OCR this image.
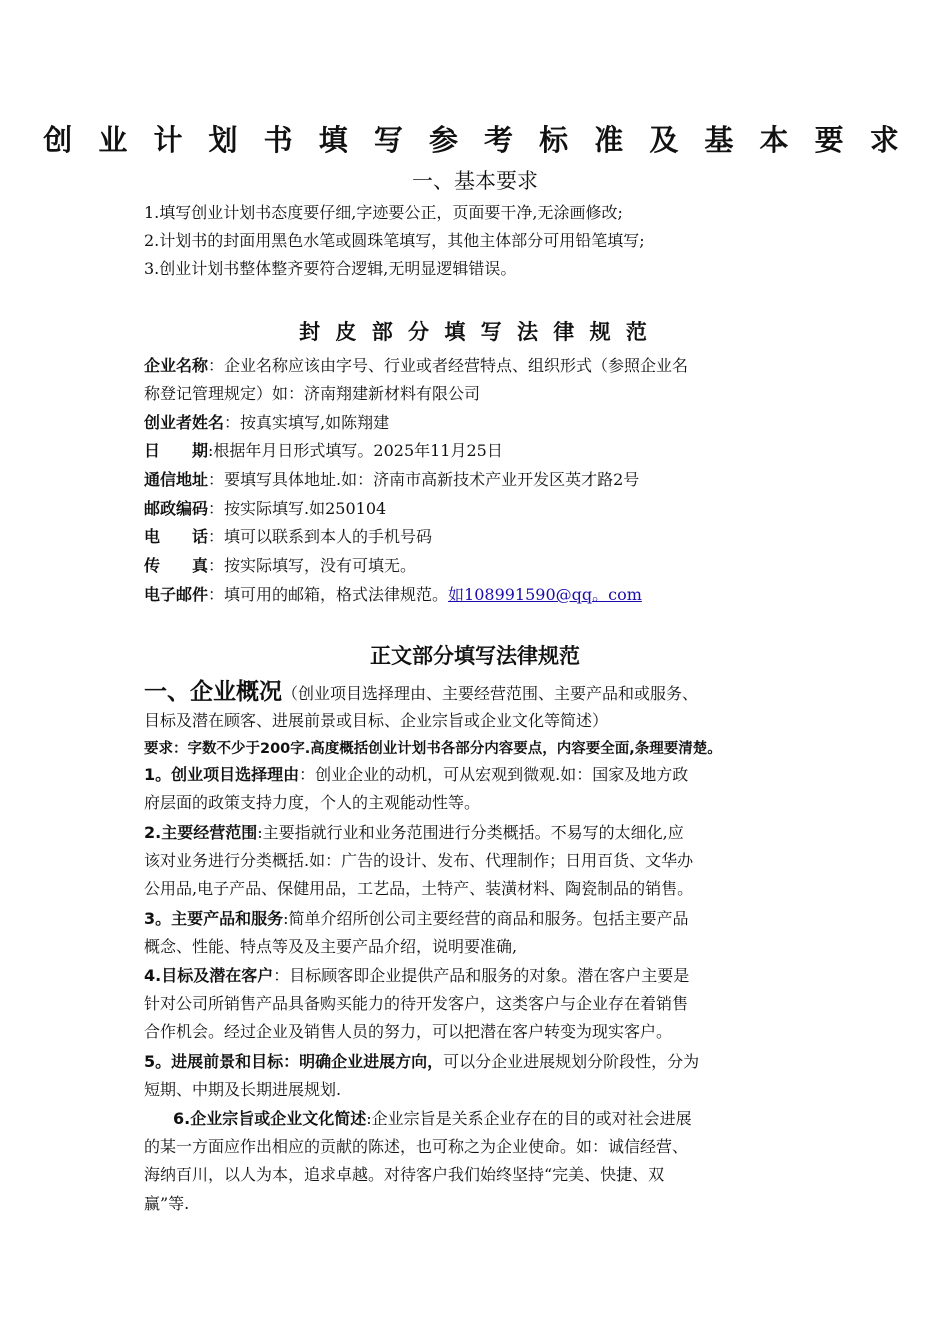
创 业 计 划 书 填 写 参 考 标 准 及 基 本 要 求
一、基本要求
1.填写创业计划书态度要仔细,字迹要公正，页面要干净,无涂画修改;
2.计划书的封面用黑色水笔或圆珠笔填写，其他主体部分可用铅笔填写;
3.创业计划书整体整齐要符合逻辑,无明显逻辑错误。
封 皮 部 分 填 写 法 律 规 范
企业名称：企业名称应该由字号、行业或者经营特点、组织形式（参照企业名
称登记管理规定）如：济南翔建新材料有限公司
创业者姓名：按真实填写,如陈翔建
日　　期:根据年月日形式填写。2025年11月25日
通信地址：要填写具体地址.如：济南市高新技术产业开发区英才路2号
邮政编码：按实际填写.如250104
电　　话：填可以联系到本人的手机号码
传　　真：按实际填写，没有可填无。
电子邮件：填可用的邮箱，格式法律规范。如108991590@qq。com
正文部分填写法律规范
一、企业概况（创业项目选择理由、主要经营范围、主要产品和或服务、
目标及潜在顾客、进展前景或目标、企业宗旨或企业文化等简述）
要求：字数不少于200字.高度概括创业计划书各部分内容要点，内容要全面,条理要清楚。
1。创业项目选择理由：创业企业的动机，可从宏观到微观.如：国家及地方政
府层面的政策支持力度，个人的主观能动性等。
2.主要经营范围:主要指就行业和业务范围进行分类概括。不易写的太细化,应
该对业务进行分类概括.如：广告的设计、发布、代理制作；日用百货、文华办
公用品,电子产品、保健用品，工艺品，土特产、装潢材料、陶瓷制品的销售。
3。主要产品和服务:简单介绍所创公司主要经营的商品和服务。包括主要产品
概念、性能、特点等及及主要产品介绍，说明要准确,
4.目标及潜在客户：目标顾客即企业提供产品和服务的对象。潜在客户主要是
针对公司所销售产品具备购买能力的待开发客户，这类客户与企业存在着销售
合作机会。经过企业及销售人员的努力，可以把潜在客户转变为现实客户。
5。进展前景和目标：明确企业进展方向，可以分企业进展规划分阶段性，分为
短期、中期及长期进展规划.
6.企业宗旨或企业文化简述:企业宗旨是关系企业存在的目的或对社会进展
的某一方面应作出相应的贡献的陈述，也可称之为企业使命。如：诚信经营、
海纳百川，以人为本，追求卓越。对待客户我们始终坚持“完美、快捷、双
赢”等.
